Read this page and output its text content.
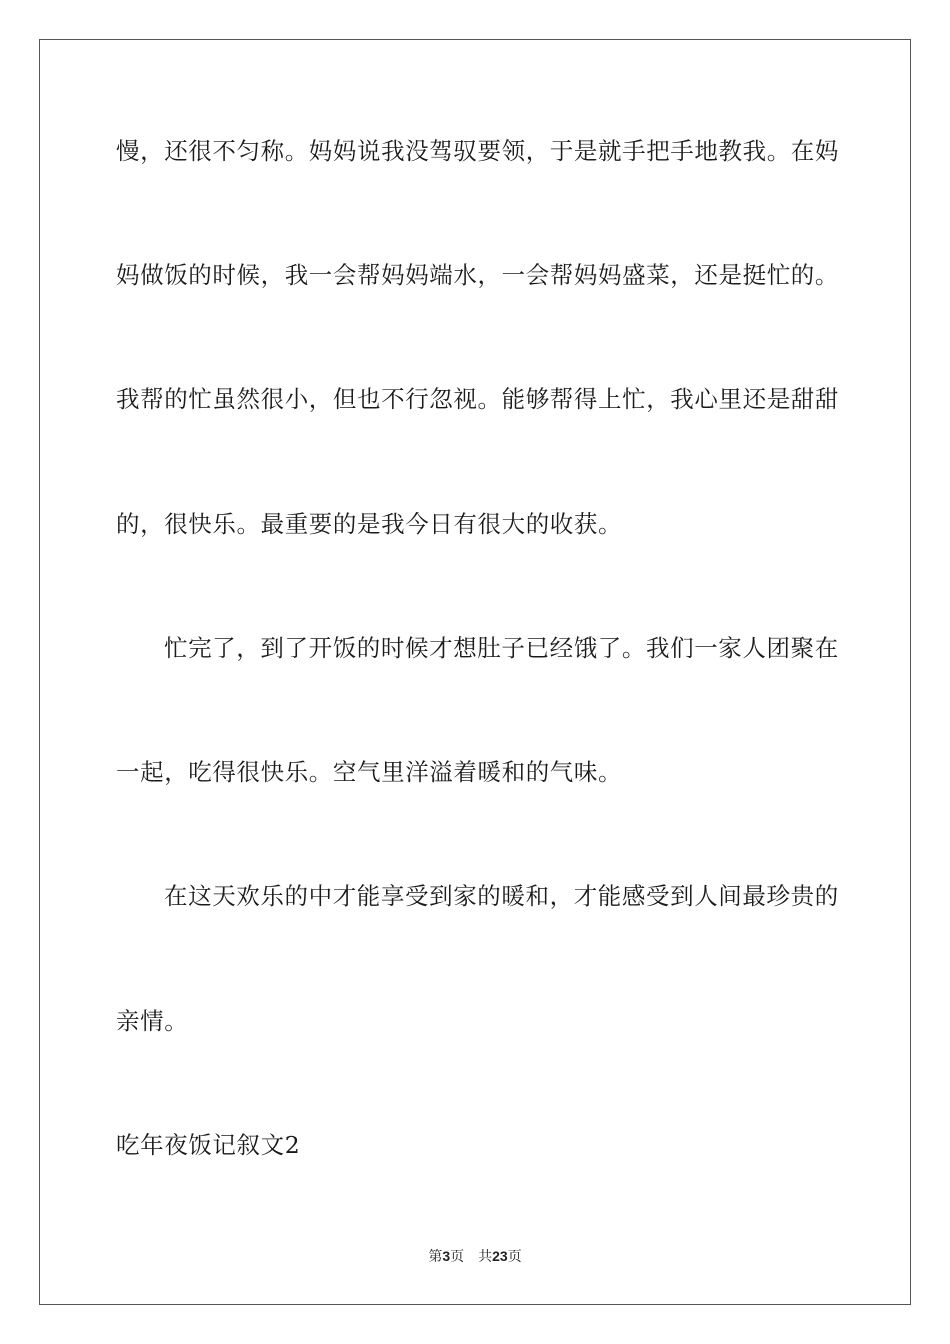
慢，还很不匀称。妈妈说我没驾驭要领，于是就手把手地教我。在妈
妈做饭的时候，我一会帮妈妈端水，一会帮妈妈盛菜，还是挺忙的。
我帮的忙虽然很小，但也不行忽视。能够帮得上忙，我心里还是甜甜
的，很快乐。最重要的是我今日有很大的收获。
忙完了，到了开饭的时候才想肚子已经饿了。我们一家人团聚在
一起，吃得很快乐。空气里洋溢着暖和的气味。
在这天欢乐的中才能享受到家的暖和，才能感受到人间最珍贵的
亲情。
吃年夜饭记叙文2
第3页 共23页
